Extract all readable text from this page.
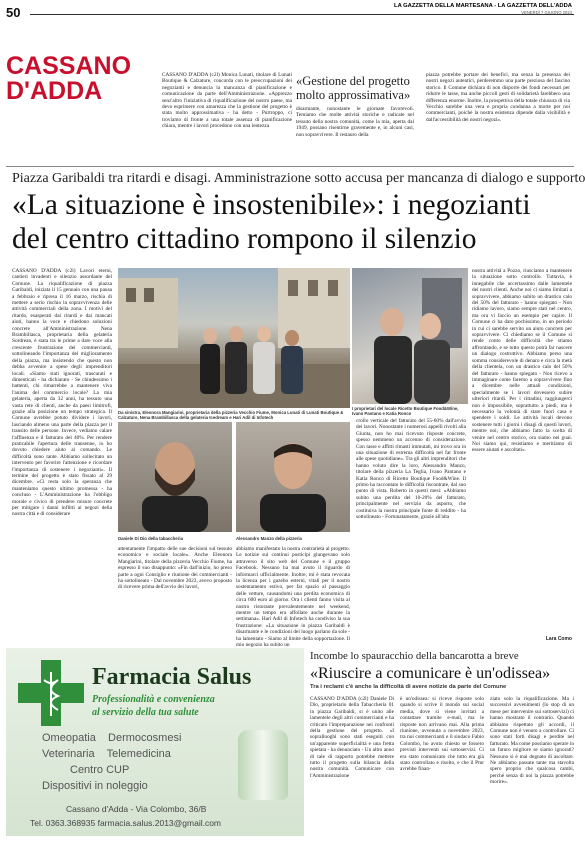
50	LA GAZZETTA DELLA MARTESANA - LA GAZZETTA DELL'ADDA
VENERDÌ 7 GIUGNO 2024
CASSANO
D'ADDA
CASSANO D'ADDA (c2l) Monica Lunati, titolare di Lunati Boutique & Calzature, concorda con le preoccupazioni dei negozianti e denuncia la mancanza di pianificazione e comunicazione da parte dell'Amministrazione. «Apprezzo senz'altro l'iniziativa di riqualificazione del nostro paese, ma devo esprimere con amarezza che la gestione del progetto è stata molto approssimativa - ha detto - Purtroppo, ci troviamo di fronte a una totale assenza di pianificazione chiara, mentre i lavori procedono con una lentezza
«Gestione del progetto molto approssimativa»
disarmante, nonostante le giornate favorevoli. Temiamo che molte attività storiche e radicate nel tessuto della nostra comunità, come la mia, aperta dal 1949, possano risentirne gravemente e, in alcuni casi, non sopravvivere. Il restauro della
piazza potrebbe portare dei benefici, ma senza la presenza dei nostri negozi autentici, perderemmo una parte preziosa del fascino storico. Il Comune dichiara di non disporre dei fondi necessari per ridurre le tasse, ma anche piccoli gesti di solidarietà farebbero una differenza enorme. Inoltre, la prospettiva della totale chiusura di via Vecchio sarebbe una vera e propria condanna a morte per noi commercianti, poiché la nostra esistenza dipende dalla visibilità e dall'accessibilità dei nostri negozi».
Piazza Garibaldi tra ritardi e disagi. Amministrazione sotto accusa per mancanza di dialogo e supporto
«La situazione è insostenibile»: i negozianti del centro cittadino rompono il silenzio
CASSANO D'ADDA (c2l) Lavori eterni, cantieri invadenti e silenzio assordante del Comune. La riqualificazione di piazza Garibaldi, iniziata il 15 gennaio con una pausa a febbraio e ripresa il 16 marzo, rischia di mettere a serio rischio la sopravvivenza delle attività commerciali della zona. I motivi del ritardo, esasperati dai ritardi e dai mancati aiuti, hanno la voce e chiedono soluzioni concrete all'Amministrazione. Nena Brambillasca, proprietaria della gelateria Sordrean, è stata tra le prime a dare voce alla crescente frustrazione dei commercianti, sottolineando l'importanza del miglioramento della piazza, ma insistendo che questo non debba avvenire a spese degli imprenditori locali. «Siamo stati ignorati, trascurati e dimenticati - ha dichiarato - Se chiudessimo i battenti, chi rimarrebbe a mantenere viva l'anima del commercio locale? La mia gelateria, aperta da 32 anni, ha tessuto una vasta rete di clienti, anche da paesi limitrofi, grazie alla posizione un tempo strategica. Il Comune avrebbe potuto dividere i lavori, lasciando almeno una parte della piazza per il transito delle persone. Invece, vediamo calare l'affluenza e il fatturato del 40%. Per rendere praticabile l'apertura delle transenne, io ho dovuto chiedere aiuto al comando. Le difficoltà sono tante. Abbiamo sollecitato un intervento per favorire l'attenzione e ricordare l'importanza di sostenere i negozianti». Il termine del progetto è stato fissato al 29 dicembre. «Ci resta solo la speranza che manteniamo questo ultimo promessa - ha concluso - L'Amministrazione ha l'obbligo morale e civico di prendere misure concrete per mitigare i danni inflitti ai negozi della nostra città e di considerare
Da sinistra, Eleonora Mangiarini, proprietaria della pizzeria Vecchio Fiume, Monica Lunati di Lunati Boutique & Calzature, Nena Brambillasca della gelateria Icedream e Hari Adil di Infotech
I proprietari del locale Ricetto Boutique Food&Wine, Ivano Pantano e Katia Ronco
Daniele Di Dio della tabaccheria	Alessandro Manzo della pizzeria
attentamente l'impatto delle sue decisioni sul tessuto economico e sociale locale». Anche Eleonora Mangiarini, titolare della pizzeria Vecchio Fiume, ha espresso il suo disappunto: «Fin dall'inizio, ho preso parte a ogni Consiglio e riunione dei commercianti - ha sottolineato - Dal novembre 2023, avevo proposto di ricevere prima dell'avvio dei lavori,
abbiamo manifestato la nostra contrarietà al progetto. Le notizie sui continui posticipi giungevano solo attraverso il sito web del Comune e il gruppo Facebook. Nessuno ha mai avuto il riguardo di informarci ufficialmente. Inoltre, mi è stata revocata la licenza per i gazebo esterni, vitali per il nostro sostentamento estivo, per far spazio al passaggio delle vetture, causandomi una perdita economica di circa 600 euro al giorno. Ora i clienti fanno visita al nostro ristorante prevalentemente nel weekend, mentre un tempo era affollato anche durante la settimana». Hari Adil di Infotech ha condiviso la sua frustrazione: «La situazione in piazza Garibaldi è disarmante e le condizioni del luogo parlano da sole - ha lamentato - Siamo al limite della sopportazione. Il mio negozio ha subito un
crollo verticale del fatturato del 55-60% dall'avvio dei lavori. Nonostante i numerosi appelli rivolti alla Giunta, non ho mai ricevuto risposte concrete, spesso nemmeno un accenno di considerazione. Con tasse e affitti rimasti immutati, mi trovo ora in una situazione di estrema difficoltà nel far fronte alle spese quotidiane». Tra gli altri imprenditori che hanno voluto dire la loro, Alessandro Manzo, titolare della pizzeria La Teglia, Ivano Pantano e Katia Ronco di Ricetto Boutique Food&Wine. Il primo ha raccontato le difficoltà riscontrate, dal suo punto di vista. Roberto in questi mesi: «Abbiamo subito una perdita del 10-20% del fatturato, principalmente nel servizio da asporto, che costituiva la nostra principale fonte di reddito - ha sottolineato - Fortunatamente, grazie all'alta
nostra attività a Pozzo, riusciamo a mantenere la situazione sotto controllo. Tuttavia, è innegabile che accertassimo dalle lamentele dei nostri clienti. Anche noi ci siamo limitati a sopravvivere, abbiamo subito un drastico calo del 50% del fatturato - hanno spiegato - Non ridiamo lavoro, siamo sempre stati nel centro, ma ora vi faccio un esempio per capire. Il Comune ci ha dato pochissimo, in un periodo in cui ci sarebbe servito un aiuto concreto per sopravvivere. Ci chiediamo se il Comune si rende conto delle difficoltà che stiamo affrontando, e se tutto questo potrà far nascere un dialogo costruttivo. Abbiamo perso una somma considerevole di denaro e circa la metà della clientela, con un drastico calo del 50% del fatturato - hanno spiegato - Non ricevo a immaginare come faremo a sopravvivere fino a dicembre nelle attuali condizioni, specialmente se i lavori dovessero subire ulteriori ritardi. Per i cittadini, raggiungerci non è impossibile, soprattutto a piedi, ma è necessario la volontà di stare fuori casa e spendere i soldi. Le attività locali devono sostenere tutti i giorni i disagi di questi lavori, mentre noi, che abbiamo fatto la scelta di venire nel centro storico, ora siamo nei guai. Noi siamo qui, resistiamo e meritiamo di essere aiutati e ascoltati».
Lara Como
Farmacia Salus
Professionalità e convenienza
al servizio della tua salute
Omeopatia Dermocosmesi
Veterinaria Telemedicina
Centro CUP
Dispositivi in noleggio
Cassano d'Adda - Via Colombo, 36/B
Tel. 0363.368935 farmacia.salus.2013@gmail.com
Incombe lo spauracchio della bancarotta a breve
«Riuscire a comunicare è un'odissea»
Tra i reclami c'è anche la difficoltà di avere notizie da parte del Comune
CASSANO D'ADDA (c2l) Daniele Di Dio, proprietario della Tabaccheria 01 in piazza Garibaldi, si è unito alle lamentele degli altri commercianti e ha criticato l'impreparazione nei confronti della gestione del progetto. «I sopralluoghi sono stati eseguiti con un'apparente superficialità e una fretta spietata - ha denunciato - Un altro anno di tale di rapporto potrebbe mettere tutto il progetto sulla bilancia della nostra comunità. Comunicare con l'Amministrazione
è un'odissea: si riceve risposte solo quando si scrive il mondo sui social media, dove si viene invitati a contattare tramite e-mail, ma le risposte non arrivano mai. Alla prima riunione, avvenuta a novembre 2023, tra noi commercianti e il sindaco Fabio Colombo, ho avuto chiesto se fossero previsti interventi sui sottoservizi. Ci era stato comunicato che tutto era già stato controllato e risolto, e che il Pmr avrebbe finan-
ziato solo la riqualificazione. Ma i successivi avvenimenti (lo stop di un mese per intervenire sui sottoservizi) ci hanno mostrato il contrario. Quando abbiamo rispettato gli accordi, il Comune non è venuto a controllare. Ci sono stati forti disagi e perdite nel fatturato. Ma come possiamo sperare in un futuro migliore se siamo ignorati? Nessuno si è mai degnato di ascoltare. Ne abbiamo passate tante ma stavolta spero proprio che qualcosa cambi, perché senza di noi la piazza potrebbe morire».
